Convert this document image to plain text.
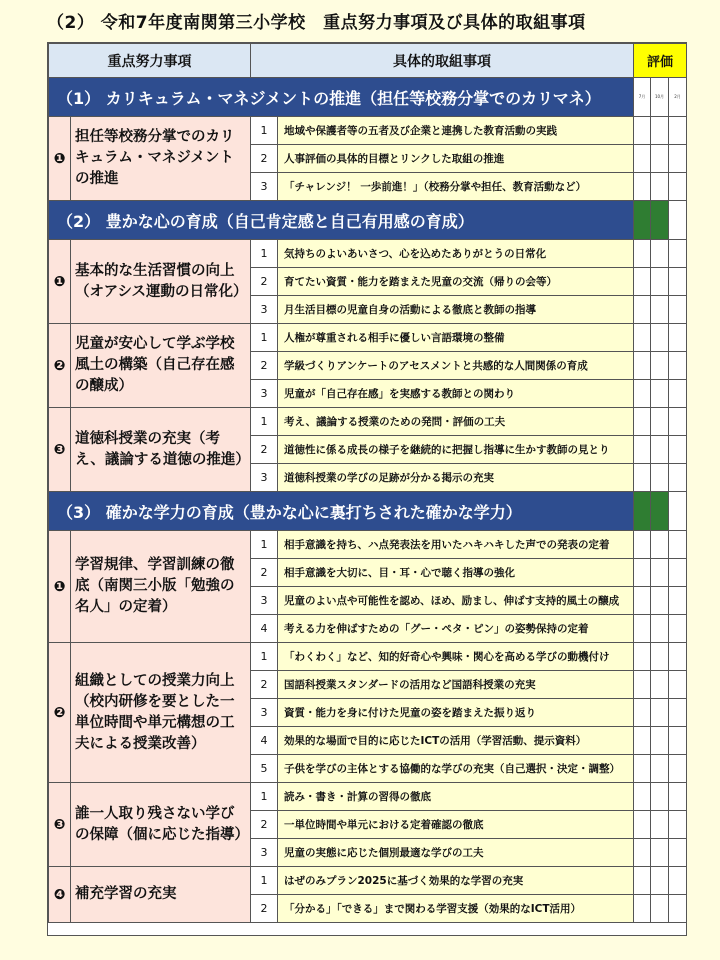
（2） 令和7年度南関第三小学校　重点努力事項及び具体的取組事項
重点努力事項		具体的取組事項		評価		
（1） カリキュラム・マネジメントの推進（担任等校務分掌でのカリマネ）				7月	10月	2月
❶	担任等校務分掌でのカリキュラム・マネジメントの推進	1	地域や保護者等の五者及び企業と連携した教育活動の実践			
		2	人事評価の具体的目標とリンクした取組の推進			
		3	「チャレンジ！ 一歩前進！」（校務分掌や担任、教育活動など）			
（2） 豊かな心の育成（自己肯定感と自己有用感の育成）						
❶	基本的な生活習慣の向上（オアシス運動の日常化）	1	気持ちのよいあいさつ、心を込めたありがとうの日常化			
		2	育てたい資質・能力を踏まえた児童の交流（帰りの会等）			
		3	月生活目標の児童自身の活動による徹底と教師の指導			
❷	児童が安心して学ぶ学校風土の構築（自己存在感の醸成）	1	人権が尊重される相手に優しい言語環境の整備			
		2	学級づくりアンケートのアセスメントと共感的な人間関係の育成			
		3	児童が「自己存在感」を実感する教師との関わり			
❸	道徳科授業の充実（考え、議論する道徳の推進）	1	考え、議論する授業のための発問・評価の工夫			
		2	道徳性に係る成長の様子を継続的に把握し指導に生かす教師の見とり			
		3	道徳科授業の学びの足跡が分かる掲示の充実			
（3） 確かな学力の育成（豊かな心に裏打ちされた確かな学力）						
❶	学習規律、学習訓練の徹底（南関三小版「勉強の名人」の定着）	1	相手意識を持ち、ハ点発表法を用いたハキハキした声での発表の定着			
		2	相手意識を大切に、目・耳・心で聴く指導の強化			
		3	児童のよい点や可能性を認め、ほめ、励まし、伸ばす支持的風土の醸成			
		4	考える力を伸ばすための「グー・ペタ・ピン」の姿勢保持の定着			
❷	組織としての授業力向上（校内研修を要とした一単位時間や単元構想の工夫による授業改善）	1	「わくわく」など、知的好奇心や興味・関心を高める学びの動機付け			
		2	国語科授業スタンダードの活用など国語科授業の充実			
		3	資質・能力を身に付けた児童の姿を踏まえた振り返り			
		4	効果的な場面で目的に応じたICTの活用（学習活動、提示資料）			
		5	子供を学びの主体とする協働的な学びの充実（自己選択・決定・調整）			
❸	誰一人取り残さない学びの保障（個に応じた指導）	1	読み・書き・計算の習得の徹底			
		2	一単位時間や単元における定着確認の徹底			
		3	児童の実態に応じた個別最適な学びの工夫			
❹	補充学習の充実	1	はぜのみプラン2025に基づく効果的な学習の充実			
		2	「分かる」「できる」まで関わる学習支援（効果的なICT活用）			
